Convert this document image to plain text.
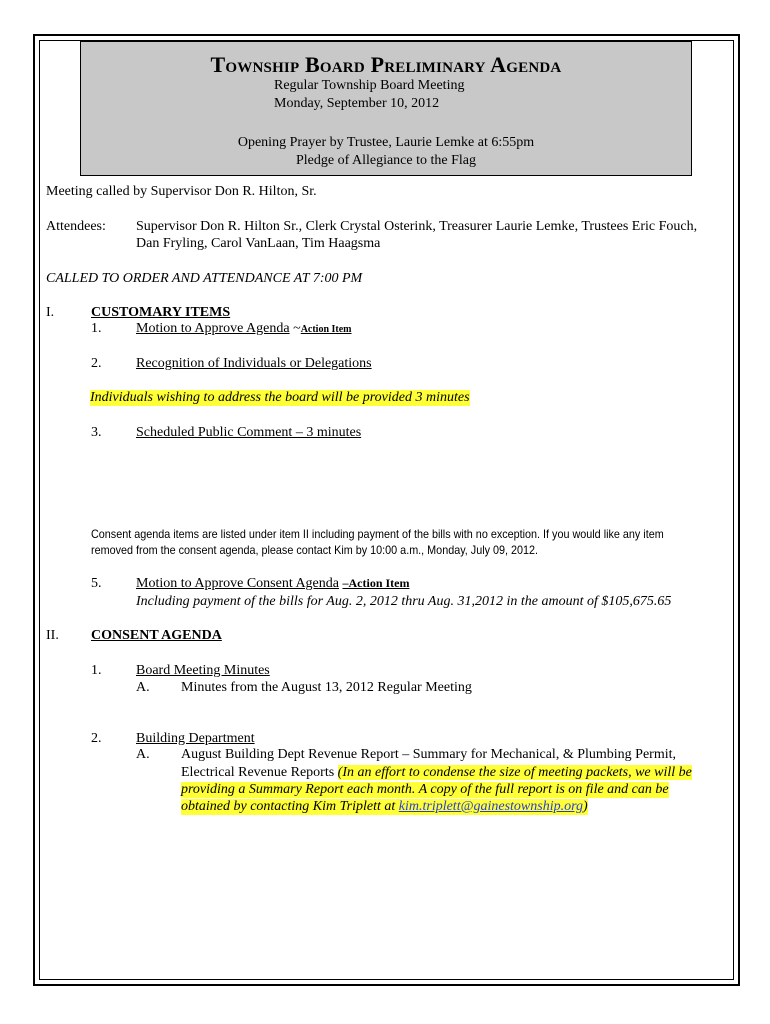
Township Board Preliminary Agenda
Regular Township Board Meeting
Monday, September 10, 2012
Opening Prayer by Trustee, Laurie Lemke at 6:55pm
Pledge of Allegiance to the Flag
Meeting called by Supervisor Don R. Hilton, Sr.
Attendees: Supervisor Don R. Hilton Sr., Clerk Crystal Osterink, Treasurer Laurie Lemke, Trustees Eric Fouch,
Dan Fryling, Carol VanLaan, Tim Haagsma
CALLED TO ORDER AND ATTENDANCE AT 7:00 PM
I.	CUSTOMARY ITEMS
1. Motion to Approve Agenda ~Action Item
2. Recognition of Individuals or Delegations
Individuals wishing to address the board will be provided 3 minutes
3. Scheduled Public Comment – 3 minutes
Consent agenda items are listed under item II including payment of the bills with no exception. If you would like any item
removed from the consent agenda, please contact Kim by 10:00 a.m., Monday, July 09, 2012.
5. Motion to Approve Consent Agenda –Action Item
Including payment of the bills for Aug. 2, 2012 thru Aug. 31,2012 in the amount of $105,675.65
II. CONSENT AGENDA
1. Board Meeting Minutes
A. Minutes from the August 13, 2012 Regular Meeting
2. Building Department
A. August Building Dept Revenue Report – Summary for Mechanical, & Plumbing Permit,
Electrical Revenue Reports (In an effort to condense the size of meeting packets, we will be
providing a Summary Report each month. A copy of the full report is on file and can be
obtained by contacting Kim Triplett at kim.triplett@gainestownship.org)
